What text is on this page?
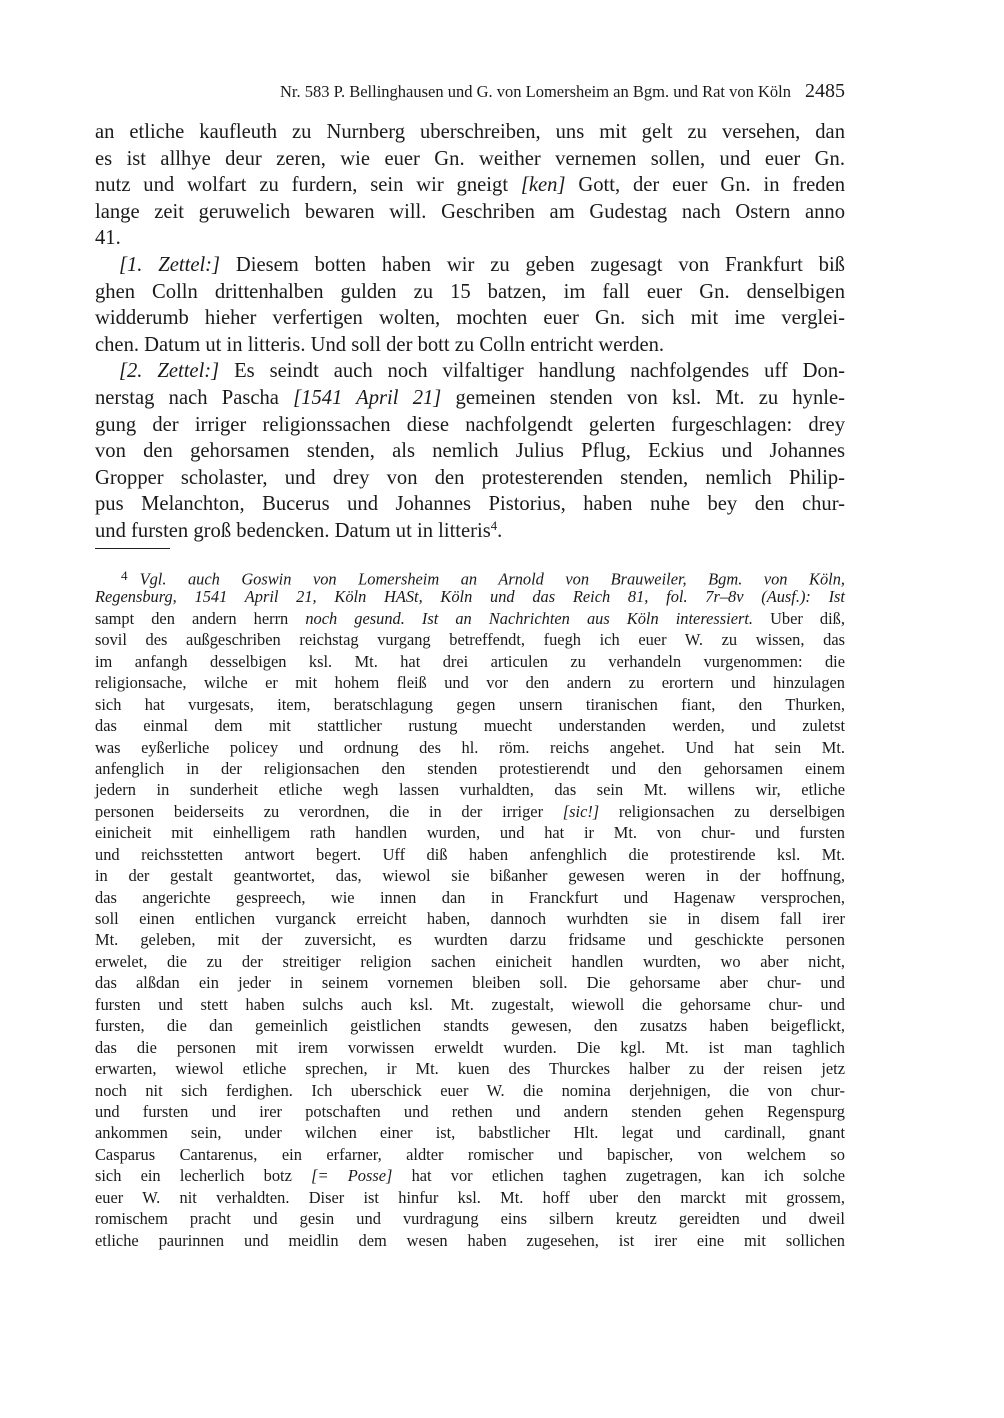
Nr. 583 P. Bellinghausen und G. von Lomersheim an Bgm. und Rat von Köln 2485
an etliche kaufleuth zu Nurnberg uberschreiben, uns mit gelt zu versehen, dan
es ist allhye deur zeren, wie euer Gn. weither vernemen sollen, und euer Gn.
nutz und wolfart zu furdern, sein wir gneigt [ken] Gott, der euer Gn. in freden
lange zeit geruwelich bewaren will. Geschriben am Gudestag nach Ostern anno
41.
[1. Zettel:] Diesem botten haben wir zu geben zugesagt von Frankfurt biß
ghen Colln drittenhalben gulden zu 15 batzen, im fall euer Gn. denselbigen
widderumb hieher verfertigen wolten, mochten euer Gn. sich mit ime verglei-
chen. Datum ut in litteris. Und soll der bott zu Colln entricht werden.
[2. Zettel:] Es seindt auch noch vilfaltiger handlung nachfolgendes uff Don-
nerstag nach Pascha [1541 April 21] gemeinen stenden von ksl. Mt. zu hynle-
gung der irriger religionssachen diese nachfolgendt gelerten furgeschlagen: drey
von den gehorsamen stenden, als nemlich Julius Pflug, Eckius und Johannes
Gropper scholaster, und drey von den protesterenden stenden, nemlich Philip-
pus Melanchton, Bucerus und Johannes Pistorius, haben nuhe bey den chur-
und fursten groß bedencken. Datum ut in litteris$^4$.
$^4$ Vgl. auch Goswin von Lomersheim an Arnold von Brauweiler, Bgm. von Köln,
Regensburg, 1541 April 21, Köln HASt, Köln und das Reich 81, fol. 7r–8v (Ausf.): Ist
sampt den andern herrn noch gesund. Ist an Nachrichten aus Köln interessiert. Uber diß,
sovil des außgeschriben reichstag vurgang betreffendt, fuegh ich euer W. zu wissen, das
im anfangh desselbigen ksl. Mt. hat drei articulen zu verhandeln vurgenommen: die
religionsache, wilche er mit hohem fleiß und vor den andern zu erortern und hinzulagen
sich hat vurgesats, item, beratschlagung gegen unsern tiranischen fiant, den Thurken,
das einmal dem mit stattlicher rustung muecht understanden werden, und zuletst
was eyßerliche policey und ordnung des hl. röm. reichs angehet. Und hat sein Mt.
anfenglich in der religionsachen den stenden protestierendt und den gehorsamen einem
jedern in sunderheit etliche wegh lassen vurhaldten, das sein Mt. willens wir, etliche
personen beiderseits zu verordnen, die in der irriger [sic!] religionsachen zu derselbigen
einicheit mit einhelligem rath handlen wurden, und hat ir Mt. von chur- und fursten
und reichsstetten antwort begert. Uff diß haben anfenghlich die protestirende ksl. Mt.
in der gestalt geantwortet, das, wiewol sie bißanher gewesen weren in der hoffnung,
das angerichte gespreech, wie innen dan in Franckfurt und Hagenaw versprochen,
soll einen entlichen vurganck erreicht haben, dannoch wurhdten sie in disem fall irer
Mt. geleben, mit der zuversicht, es wurdten darzu fridsame und geschickte personen
erwelet, die zu der streitiger religion sachen einicheit handlen wurdten, wo aber nicht,
das alßdan ein jeder in seinem vornemen bleiben soll. Die gehorsame aber chur- und
fursten und stett haben sulchs auch ksl. Mt. zugestalt, wiewoll die gehorsame chur- und
fursten, die dan gemeinlich geistlichen standts gewesen, den zusatzs haben beigeflickt,
das die personen mit irem vorwissen erweldt wurden. Die kgl. Mt. ist man taghlich
erwarten, wiewol etliche sprechen, ir Mt. kuen des Thurckes halber zu der reisen jetz
noch nit sich ferdighen. Ich uberschick euer W. die nomina derjehnigen, die von chur-
und fursten und irer potschaften und rethen und andern stenden gehen Regenspurg
ankommen sein, under wilchen einer ist, babstlicher Hlt. legat und cardinall, gnant
Casparus Cantarenus, ein erfarner, aldter romischer und bapischer, von welchem so
sich ein lecherlich botz [= Posse] hat vor etlichen taghen zugetragen, kan ich solche
euer W. nit verhaldten. Diser ist hinfur ksl. Mt. hoff uber den marckt mit grossem,
romischem pracht und gesin und vurdragung eins silbern kreutz gereidten und dweil
etliche paurinnen und meidlin dem wesen haben zugesehen, ist irer eine mit sollichen
